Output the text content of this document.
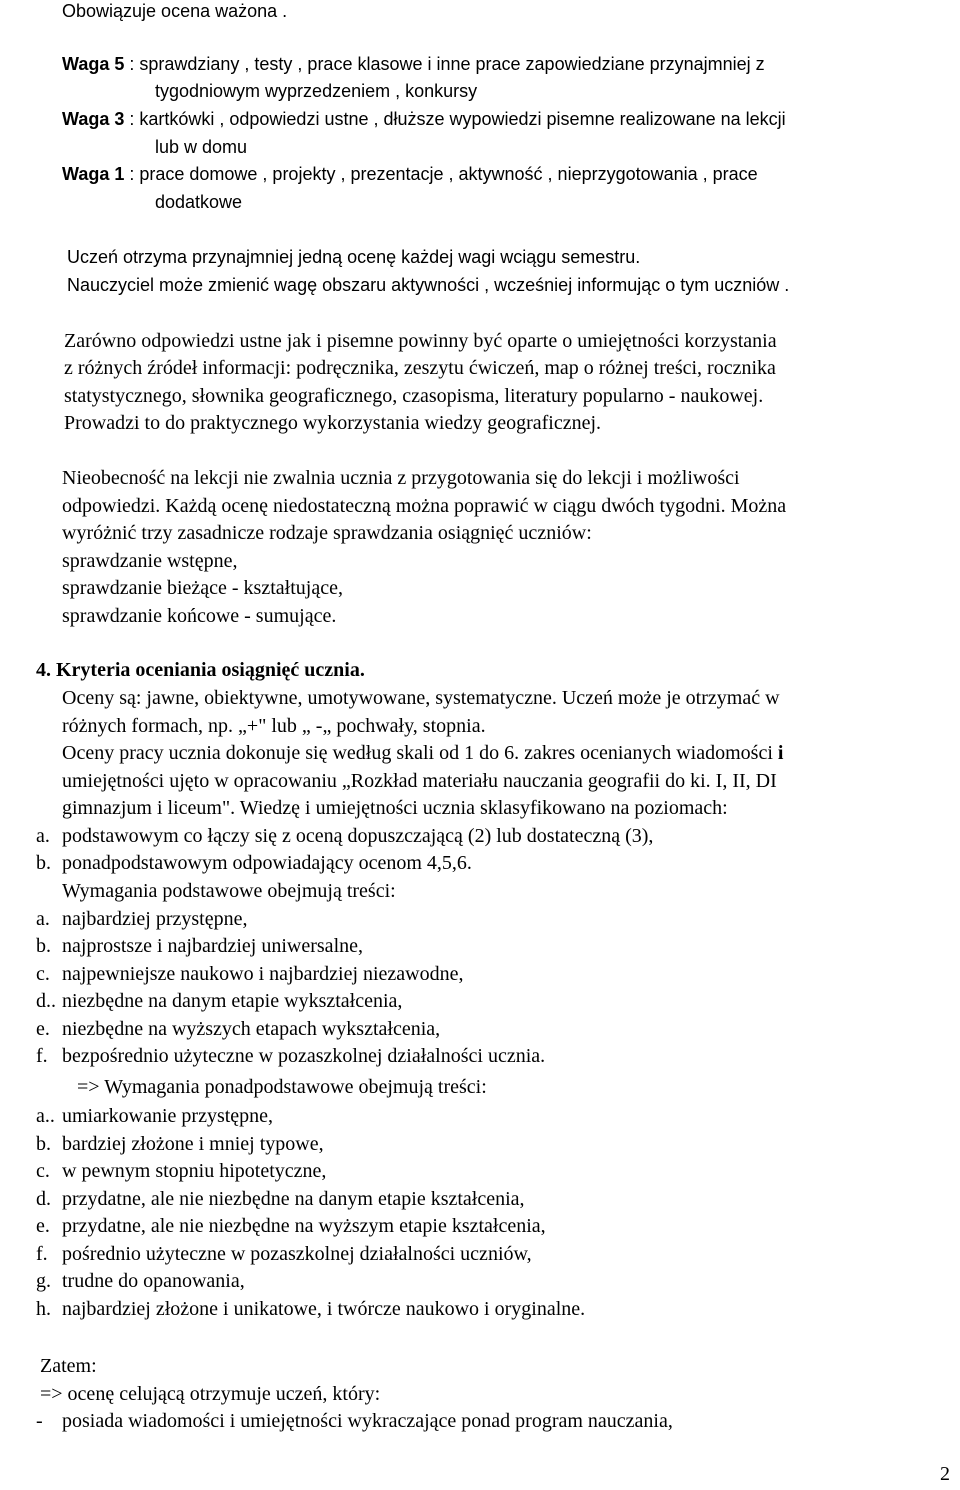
Obowiązuje ocena ważona .
Waga 5 : sprawdziany , testy , prace klasowe i inne prace zapowiedziane przynajmniej z
tygodniowym wyprzedzeniem , konkursy
Waga 3 : kartkówki , odpowiedzi ustne , dłuższe wypowiedzi pisemne realizowane na lekcji
lub w domu
Waga 1 : prace domowe , projekty , prezentacje , aktywność , nieprzygotowania , prace
dodatkowe
Uczeń otrzyma przynajmniej jedną ocenę każdej wagi wciągu semestru.
Nauczyciel może zmienić wagę obszaru aktywności , wcześniej informując o tym uczniów .
Zarówno odpowiedzi ustne jak i pisemne powinny być oparte o umiejętności korzystania
z różnych źródeł informacji: podręcznika, zeszytu ćwiczeń, map o różnej treści, rocznika
statystycznego, słownika geograficznego, czasopisma, literatury popularno - naukowej.
Prowadzi to do praktycznego wykorzystania wiedzy geograficznej.
Nieobecność na lekcji nie zwalnia ucznia z przygotowania się do lekcji i możliwości
odpowiedzi. Każdą ocenę niedostateczną można poprawić w ciągu dwóch tygodni. Można
wyróżnić trzy zasadnicze rodzaje sprawdzania osiągnięć uczniów:
sprawdzanie wstępne,
sprawdzanie bieżące - kształtujące,
sprawdzanie końcowe - sumujące.
4. Kryteria oceniania osiągnięć ucznia.
Oceny są: jawne, obiektywne, umotywowane, systematyczne. Uczeń może je otrzymać w
różnych formach, np. „+" lub „ -„ pochwały, stopnia.
Oceny pracy ucznia dokonuje się według skali od 1 do 6. zakres ocenianych wiadomości i
umiejętności ujęto w opracowaniu „Rozkład materiału nauczania geografii do ki. I, II, DI
gimnazjum i liceum". Wiedzę i umiejętności ucznia sklasyfikowano na poziomach:
a. podstawowym co łączy się z oceną dopuszczającą (2) lub dostateczną (3),
b. ponadpodstawowym odpowiadający ocenom 4,5,6.
Wymagania podstawowe obejmują treści:
a. najbardziej przystępne,
b. najprostsze i najbardziej uniwersalne,
c. najpewniejsze naukowo i najbardziej niezawodne,
d.. niezbędne na danym etapie wykształcenia,
e. niezbędne na wyższych etapach wykształcenia,
f. bezpośrednio użyteczne w pozaszkolnej działalności ucznia.
=> Wymagania ponadpodstawowe obejmują treści:
a.. umiarkowanie przystępne,
b. bardziej złożone i mniej typowe,
c. w pewnym stopniu hipotetyczne,
d. przydatne, ale nie niezbędne na danym etapie kształcenia,
e. przydatne, ale nie niezbędne na wyższym etapie kształcenia,
f. pośrednio użyteczne w pozaszkolnej działalności uczniów,
g. trudne do opanowania,
h. najbardziej złożone i unikatowe, i twórcze naukowo i oryginalne.
Zatem:
=> ocenę celującą otrzymuje uczeń, który:
- posiada wiadomości i umiejętności wykraczające ponad program nauczania,
2
